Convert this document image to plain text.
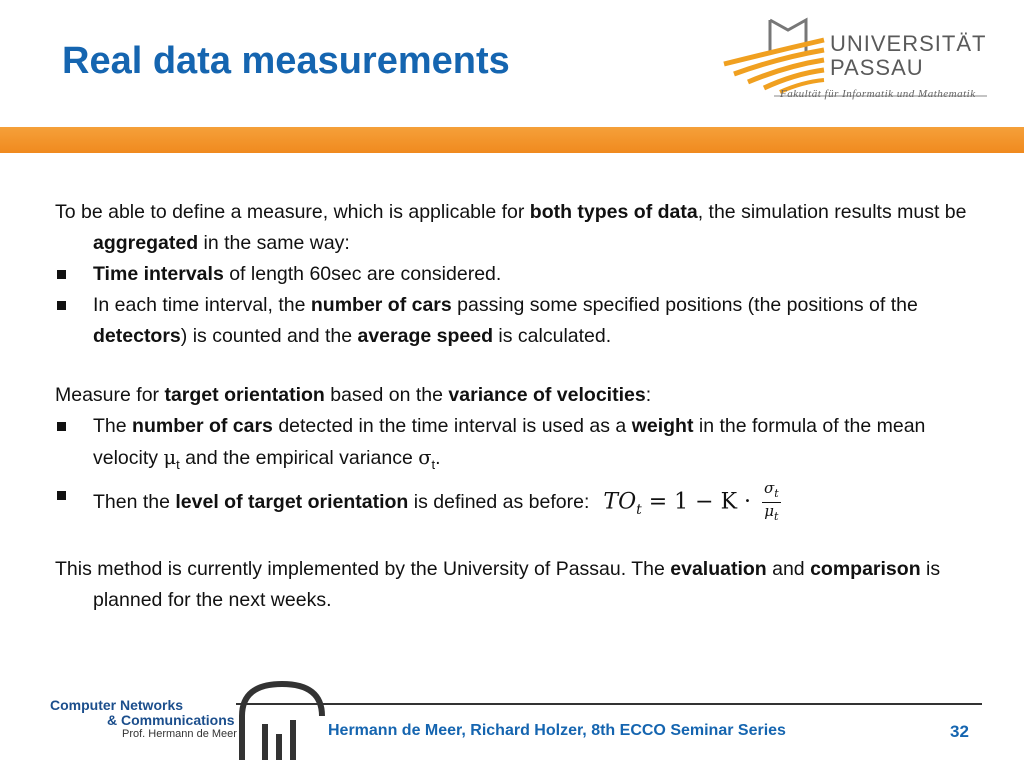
Real data measurements	UNIVERSITÄT
PASSAU
Fakultät für Informatik und Mathematik

To be able to define a measure, which is applicable for both types of data, the simulation results must be aggregated in the same way:

Time intervals of length 60sec are considered.

In each time interval, the number of cars passing some specified positions (the positions of the detectors) is counted and the average speed is calculated.

Measure for target orientation based on the variance of velocities:

The number of cars detected in the time interval is used as a weight in the formula of the mean velocity $\mu_t$ and the empirical variance $\sigma_t$.

Then the level of target orientation is defined as before: $TO_t = 1 - K \cdot \frac{\sigma_t}{\mu_t}$

This method is currently implemented by the University of Passau. The evaluation and comparison is planned for the next weeks.

Computer Networks
& Communications
Prof. Hermann de Meer	Hermann de Meer, Richard Holzer, 8th ECCO Seminar Series	32
